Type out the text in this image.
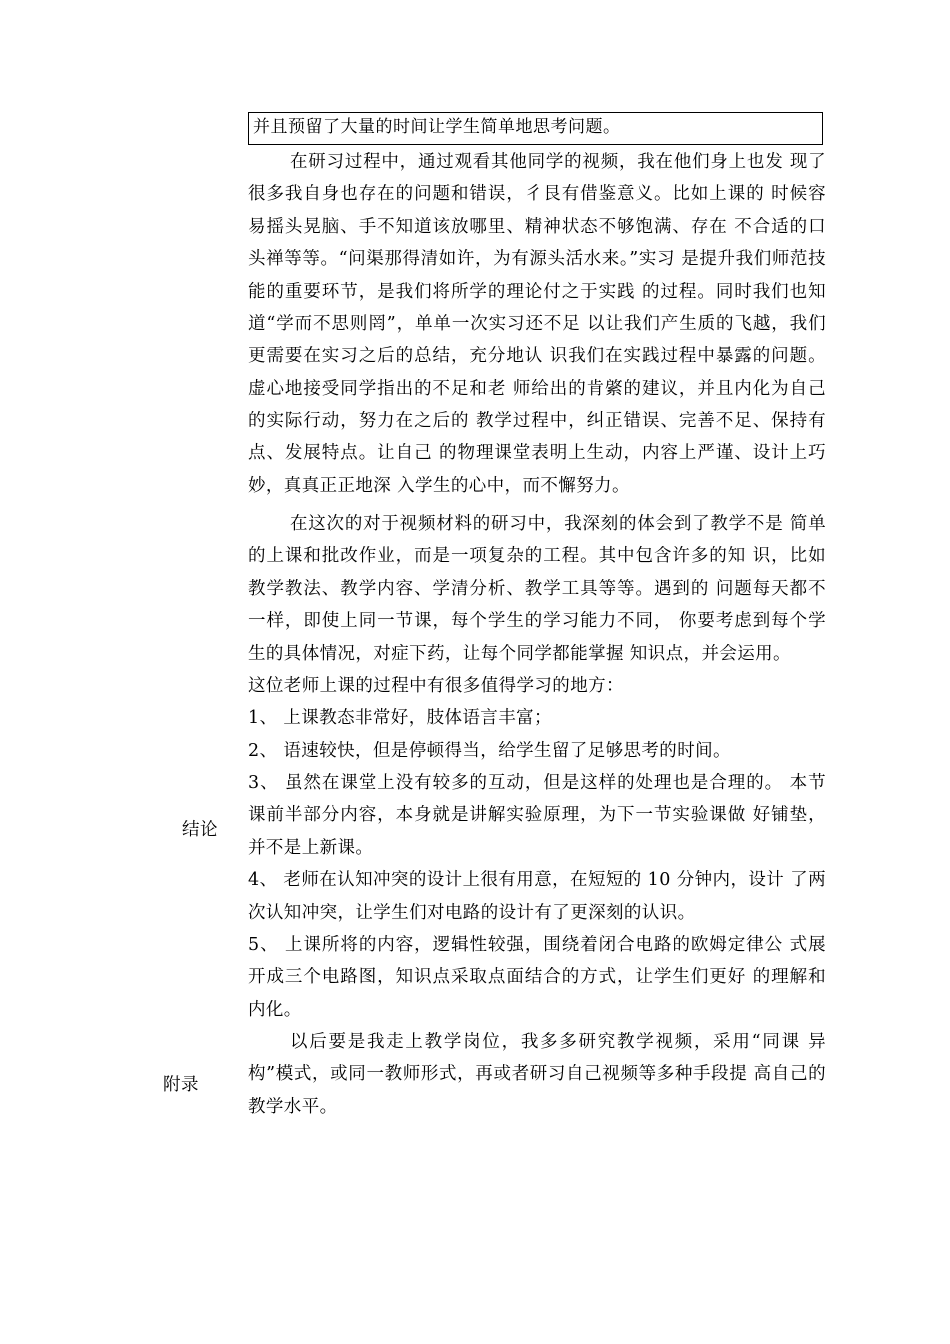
并且预留了大量的时间让学生简单地思考问题。

在研习过程中，通过观看其他同学的视频，我在他们身上也发 现了很多我自身也存在的问题和错误，彳艮有借鉴意义。比如上课的 时候容易摇头晃脑、手不知道该放哪里、精神状态不够饱满、存在 不合适的口头禅等等。“问渠那得清如许，为有源头活水来。”实习 是提升我们师范技能的重要环节，是我们将所学的理论付之于实践 的过程。同时我们也知道“学而不思则罔”，单单一次实习还不足 以让我们产生质的飞越，我们更需要在实习之后的总结，充分地认 识我们在实践过程中暴露的问题。虚心地接受同学指出的不足和老 师给出的肯綮的建议，并且内化为自己的实际行动，努力在之后的 教学过程中，纠正错误、完善不足、保持有点、发展特点。让自己 的物理课堂表明上生动，内容上严谨、设计上巧妙，真真正正地深 入学生的心中，而不懈努力。

在这次的对于视频材料的研习中，我深刻的体会到了教学不是 简单的上课和批改作业，而是一项复杂的工程。其中包含许多的知 识，比如教学教法、教学内容、学清分析、教学工具等等。遇到的 问题每天都不一样，即使上同一节课，每个学生的学习能力不同， 你要考虑到每个学生的具体情况，对症下药，让每个同学都能掌握 知识点，并会运用。

这位老师上课的过程中有很多值得学习的地方：

1、 上课教态非常好，肢体语言丰富；

2、 语速较快，但是停顿得当，给学生留了足够思考的时间。

3、 虽然在课堂上没有较多的互动，但是这样的处理也是合理的。 本节课前半部分内容，本身就是讲解实验原理，为下一节实验课做 好铺垫，并不是上新课。

4、 老师在认知冲突的设计上很有用意，在短短的 10 分钟内，设计 了两次认知冲突，让学生们对电路的设计有了更深刻的认识。

5、 上课所将的内容，逻辑性较强，围绕着闭合电路的欧姆定律公 式展开成三个电路图，知识点采取点面结合的方式，让学生们更好 的理解和内化。

以后要是我走上教学岗位，我多多研究教学视频，采用“同课 异构”模式，或同一教师形式，再或者研习自己视频等多种手段提 高自己的教学水平。

结论
附录
